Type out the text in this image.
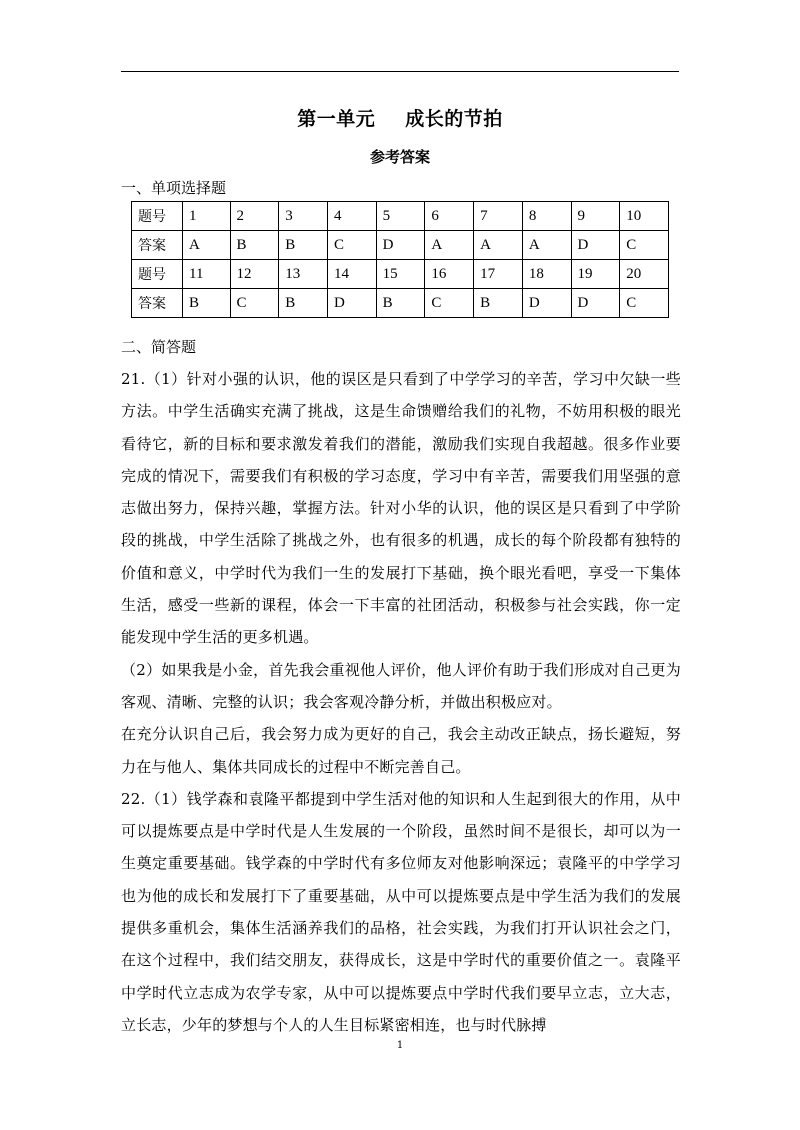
第一单元 成长的节拍
参考答案
一、单项选择题
题号	1	2	3	4	5	6	7	8	9	10
答案	A	B	B	C	D	A	A	A	D	C
题号	11	12	13	14	15	16	17	18	19	20
答案	B	C	B	D	B	C	B	D	D	C
二、简答题

21.（1）针对小强的认识，他的误区是只看到了中学学习的辛苦，学习中欠缺一些方法。中学生活确实充满了挑战，这是生命馈赠给我们的礼物，不妨用积极的眼光看待它，新的目标和要求激发着我们的潜能，激励我们实现自我超越。很多作业要完成的情况下，需要我们有积极的学习态度，学习中有辛苦，需要我们用坚强的意志做出努力，保持兴趣，掌握方法。针对小华的认识，他的误区是只看到了中学阶段的挑战，中学生活除了挑战之外，也有很多的机遇，成长的每个阶段都有独特的价值和意义，中学时代为我们一生的发展打下基础，换个眼光看吧，享受一下集体生活，感受一些新的课程，体会一下丰富的社团活动，积极参与社会实践，你一定能发现中学生活的更多机遇。

（2）如果我是小金，首先我会重视他人评价，他人评价有助于我们形成对自己更为客观、清晰、完整的认识；我会客观冷静分析，并做出积极应对。

在充分认识自己后，我会努力成为更好的自己，我会主动改正缺点，扬长避短，努力在与他人、集体共同成长的过程中不断完善自己。

22.（1）钱学森和袁隆平都提到中学生活对他的知识和人生起到很大的作用，从中可以提炼要点是中学时代是人生发展的一个阶段，虽然时间不是很长，却可以为一生奠定重要基础。钱学森的中学时代有多位师友对他影响深远；袁隆平的中学学习也为他的成长和发展打下了重要基础，从中可以提炼要点是中学生活为我们的发展提供多重机会，集体生活涵养我们的品格，社会实践，为我们打开认识社会之门，在这个过程中，我们结交朋友，获得成长，这是中学时代的重要价值之一。袁隆平中学时代立志成为农学专家，从中可以提炼要点中学时代我们要早立志，立大志，立长志，少年的梦想与个人的人生目标紧密相连，也与时代脉搏

1
